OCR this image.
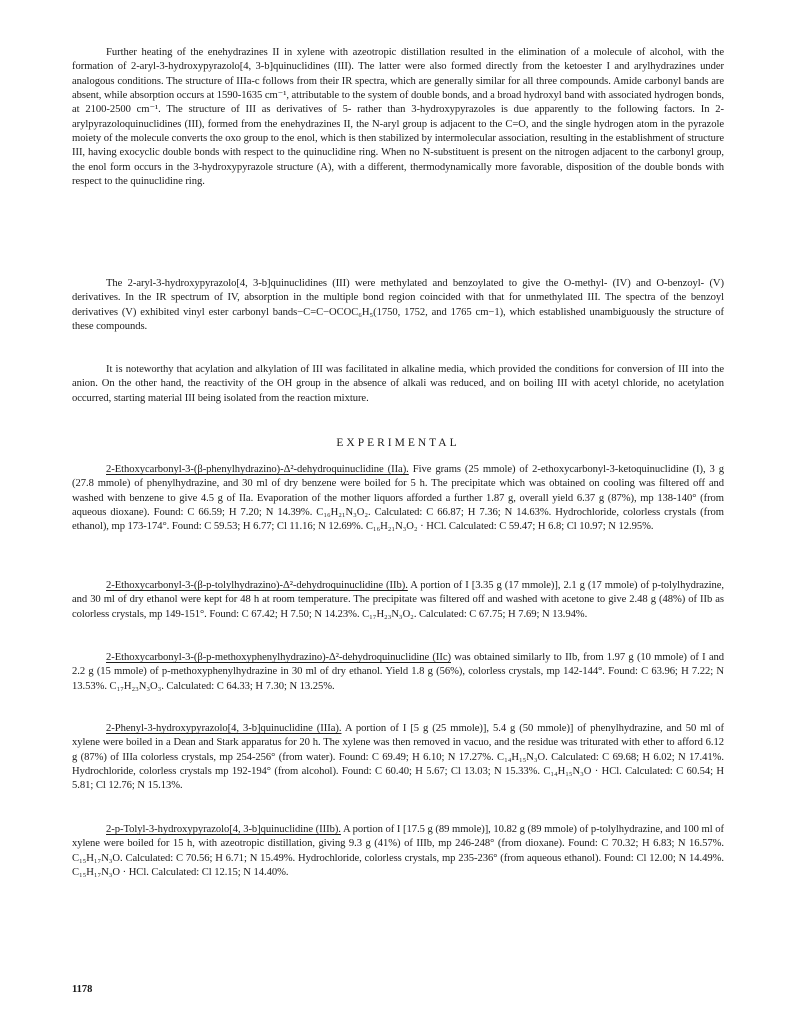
Further heating of the enehydrazines II in xylene with azeotropic distillation resulted in the elimination of a molecule of alcohol, with the formation of 2-aryl-3-hydroxypyrazolo[4, 3-b]quinuclidines (III). The latter were also formed directly from the ketoester I and arylhydrazines under analogous conditions. The structure of IIIa-c follows from their IR spectra, which are generally similar for all three compounds. Amide carbonyl bands are absent, while absorption occurs at 1590-1635 cm⁻¹, attributable to the system of double bonds, and a broad hydroxyl band with associated hydrogen bonds, at 2100-2500 cm⁻¹. The structure of III as derivatives of 5- rather than 3-hydroxypyrazoles is due apparently to the following factors. In 2-arylpyrazoloquinuclidines (III), formed from the enehydrazines II, the N-aryl group is adjacent to the C=O, and the single hydrogen atom in the pyrazole moiety of the molecule converts the oxo group to the enol, which is then stabilized by intermolecular association, resulting in the establishment of structure III, having exocyclic double bonds with respect to the quinuclidine ring. When no N-substituent is present on the nitrogen adjacent to the carbonyl group, the enol form occurs in the 3-hydroxypyrazole structure (A), with a different, thermodynamically more favorable, disposition of the double bonds with respect to the quinuclidine ring.

The 2-aryl-3-hydroxypyrazolo[4, 3-b]quinuclidines (III) were methylated and benzoylated to give the O-methyl- (IV) and O-benzoyl- (V) derivatives. In the IR spectrum of IV, absorption in the multiple bond region coincided with that for unmethylated III. The spectra of the benzoyl derivatives (V) exhibited vinyl ester carbonyl bands−C=C−OCOC₆H₅(1750, 1752, and 1765 cm−1), which established unambiguously the structure of these compounds.

It is noteworthy that acylation and alkylation of III was facilitated in alkaline media, which provided the conditions for conversion of III into the anion. On the other hand, the reactivity of the OH group in the absence of alkali was reduced, and on boiling III with acetyl chloride, no acetylation occurred, starting material III being isolated from the reaction mixture.

EXPERIMENTAL

2-Ethoxycarbonyl-3-(β-phenylhydrazino)-Δ²-dehydroquinuclidine (IIa). Five grams (25 mmole) of 2-ethoxycarbonyl-3-ketoquinuclidine (I), 3 g (27.8 mmole) of phenylhydrazine, and 30 ml of dry benzene were boiled for 5 h. The precipitate which was obtained on cooling was filtered off and washed with benzene to give 4.5 g of IIa. Evaporation of the mother liquors afforded a further 1.87 g, overall yield 6.37 g (87%), mp 138-140° (from aqueous dioxane). Found: C 66.59; H 7.20; N 14.39%. C₁₆H₂₁N₃O₂. Calculated: C 66.87; H 7.36; N 14.63%. Hydrochloride, colorless crystals (from ethanol), mp 173-174°. Found: C 59.53; H 6.77; Cl 11.16; N 12.69%. C₁₆H₂₁N₃O₂ · HCl. Calculated: C 59.47; H 6.8; Cl 10.97; N 12.95%.

2-Ethoxycarbonyl-3-(β-p-tolylhydrazino)-Δ²-dehydroquinuclidine (IIb). A portion of I [3.35 g (17 mmole)], 2.1 g (17 mmole) of p-tolylhydrazine, and 30 ml of dry ethanol were kept for 48 h at room temperature. The precipitate was filtered off and washed with acetone to give 2.48 g (48%) of IIb as colorless crystals, mp 149-151°. Found: C 67.42; H 7.50; N 14.23%. C₁₇H₂₃N₃O₂. Calculated: C 67.75; H 7.69; N 13.94%.

2-Ethoxycarbonyl-3-(β-p-methoxyphenylhydrazino)-Δ²-dehydroquinuclidine (IIc) was obtained similarly to IIb, from 1.97 g (10 mmole) of I and 2.2 g (15 mmole) of p-methoxyphenylhydrazine in 30 ml of dry ethanol. Yield 1.8 g (56%), colorless crystals, mp 142-144°. Found: C 63.96; H 7.22; N 13.53%. C₁₇H₂₃N₃O₃. Calculated: C 64.33; H 7.30; N 13.25%.

2-Phenyl-3-hydroxypyrazolo[4, 3-b]quinuclidine (IIIa). A portion of I [5 g (25 mmole)], 5.4 g (50 mmole)] of phenylhydrazine, and 50 ml of xylene were boiled in a Dean and Stark apparatus for 20 h. The xylene was then removed in vacuo, and the residue was triturated with ether to afford 6.12 g (87%) of IIIa colorless crystals, mp 254-256° (from water). Found: C 69.49; H 6.10; N 17.27%. C₁₄H₁₅N₃O. Calculated: C 69.68; H 6.02; N 17.41%. Hydrochloride, colorless crystals mp 192-194° (from alcohol). Found: C 60.40; H 5.67; Cl 13.03; N 15.33%. C₁₄H₁₅N₃O · HCl. Calculated: C 60.54; H 5.81; Cl 12.76; N 15.13%.

2-p-Tolyl-3-hydroxypyrazolo[4, 3-b]quinuclidine (IIIb). A portion of I [17.5 g (89 mmole)], 10.82 g (89 mmole) of p-tolylhydrazine, and 100 ml of xylene were boiled for 15 h, with azeotropic distillation, giving 9.3 g (41%) of IIIb, mp 246-248° (from dioxane). Found: C 70.32; H 6.83; N 16.57%. C₁₅H₁₇N₃O. Calculated: C 70.56; H 6.71; N 15.49%. Hydrochloride, colorless crystals, mp 235-236° (from aqueous ethanol). Found: Cl 12.00; N 14.49%. C₁₅H₁₇N₃O · HCl. Calculated: Cl 12.15; N 14.40%.

1178
